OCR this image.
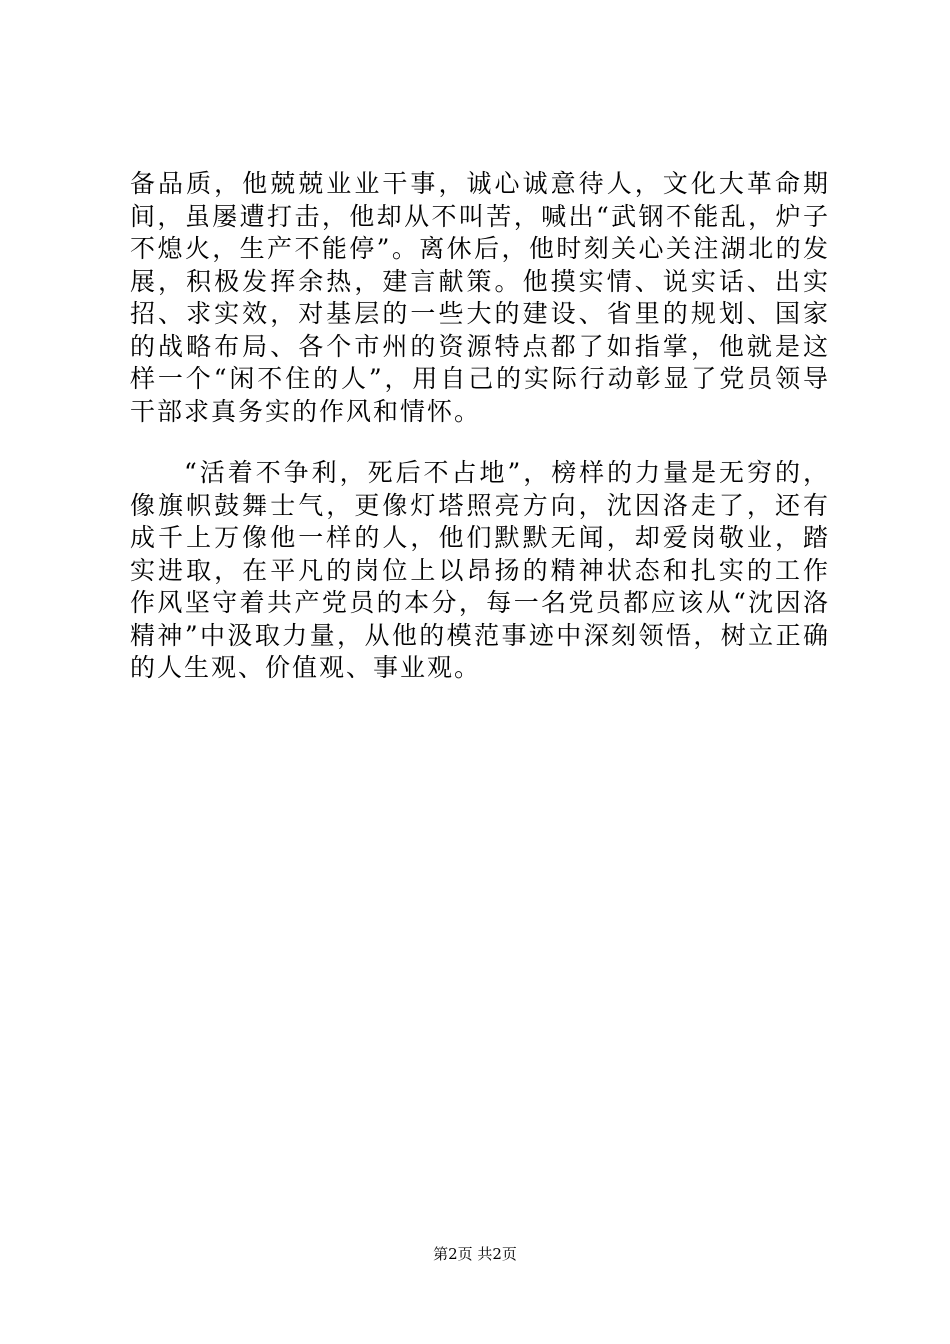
备品质，他兢兢业业干事，诚心诚意待人，文化大革命期间，虽屡遭打击，他却从不叫苦，喊出“武钢不能乱，炉子不熄火，生产不能停”。离休后，他时刻关心关注湖北的发展，积极发挥余热，建言献策。他摸实情、说实话、出实招、求实效，对基层的一些大的建设、省里的规划、国家的战略布局、各个市州的资源特点都了如指掌，他就是这样一个“闲不住的人”，用自己的实际行动彰显了党员领导干部求真务实的作风和情怀。

“活着不争利，死后不占地”，榜样的力量是无穷的，像旗帜鼓舞士气，更像灯塔照亮方向，沈因洛走了，还有成千上万像他一样的人，他们默默无闻，却爱岗敬业，踏实进取，在平凡的岗位上以昂扬的精神状态和扎实的工作作风坚守着共产党员的本分，每一名党员都应该从“沈因洛精神”中汲取力量，从他的模范事迹中深刻领悟，树立正确的人生观、价值观、事业观。

第2页 共2页
